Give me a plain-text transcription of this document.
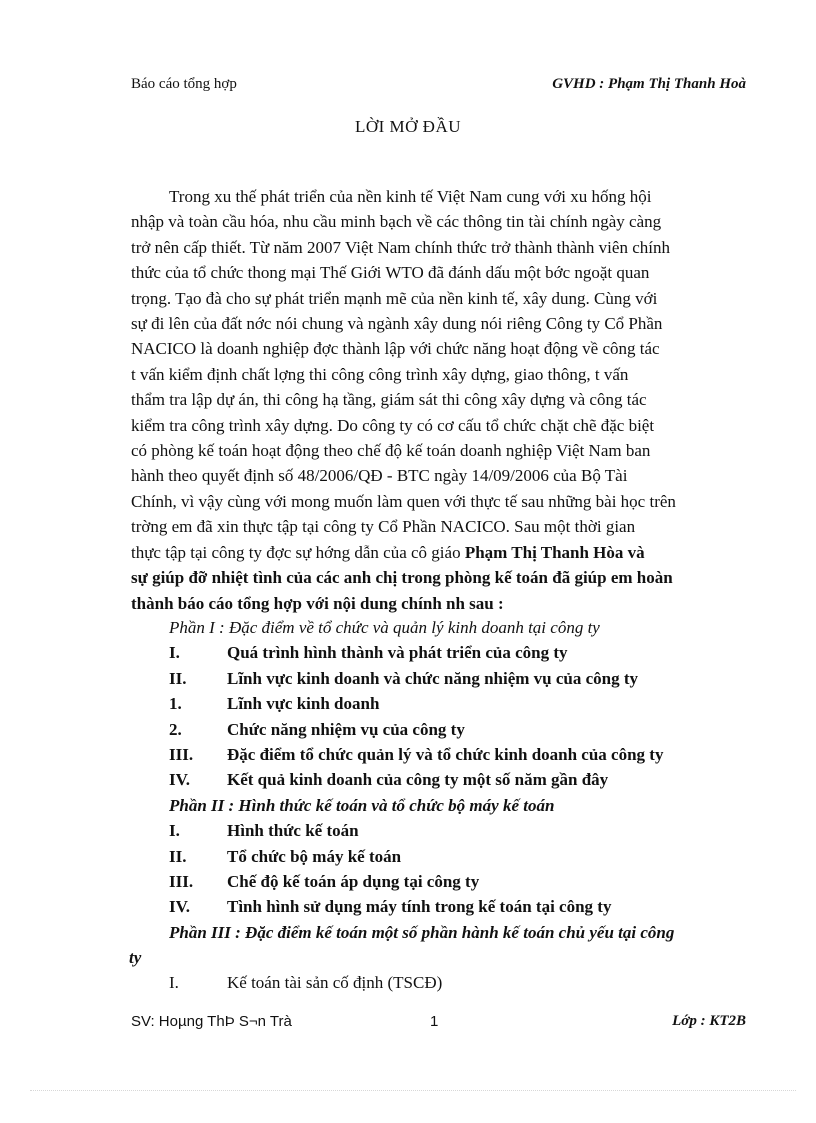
Báo cáo tổng hợp	GVHD : Phạm Thị Thanh Hoà
LỜI MỞ ĐẦU
Trong xu thế phát triển của nền kinh tế Việt Nam cung với xu hống hội
nhập và toàn cầu hóa, nhu cầu minh bạch về các thông tin tài chính ngày càng
trở nên cấp thiết. Từ năm 2007 Việt Nam chính thức trở thành thành viên chính
thức của tổ chức thong mại Thế Giới WTO đã đánh dấu một bớc ngoặt quan
trọng. Tạo đà cho sự phát triển mạnh mẽ của nền kinh tế, xây dung. Cùng với
sự đi lên của đất nớc nói chung và ngành xây dung nói riêng Công ty Cổ Phần
NACICO là doanh nghiệp đợc thành lập với chức năng hoạt động về công tác
t vấn kiểm định chất lợng thi công công trình xây dựng, giao thông, t vấn
thẩm tra lập dự án, thi công hạ tầng, giám sát thi công xây dựng và công tác
kiểm tra công trình xây dựng. Do công ty có cơ cấu tổ chức chặt chẽ đặc biệt
có phòng kế toán hoạt động theo chế độ kế toán doanh nghiệp Việt Nam ban
hành theo quyết định số 48/2006/QĐ - BTC ngày 14/09/2006 của Bộ Tài
Chính, vì vậy cùng với mong muốn làm quen với thực tế sau những bài học trên
trờng em đã xin thực tập tại công ty Cổ Phần NACICO. Sau một thời gian
thực tập tại công ty đợc sự hớng dẫn của cô giáo Phạm Thị Thanh Hòa và
sự giúp đỡ nhiệt tình của các anh chị trong phòng kế toán đã giúp em hoàn
thành báo cáo tổng hợp với nội dung chính nh sau :
Phần I : Đặc điểm về tổ chức và quản lý kinh doanh tại công ty
I.	Quá trình hình thành và phát triển của công ty
II. Lĩnh vực kinh doanh và chức năng nhiệm vụ của công ty
1.	Lĩnh vực kinh doanh
2.	Chức năng nhiệm vụ của công ty
III. Đặc điểm tổ chức quản lý và tổ chức kinh doanh của công ty
IV. Kết quả kinh doanh của công ty một số năm gần đây
Phần II : Hình thức kế toán và tổ chức bộ máy kế toán
I.	Hình thức kế toán
II. Tổ chức bộ máy kế toán
III. Chế độ kế toán áp dụng tại công ty
IV. Tình hình sử dụng máy tính trong kế toán tại công ty
Phần III : Đặc điểm kế toán một số phần hành kế toán chủ yếu tại công
ty
I.	Kế toán tài sản cố định (TSCĐ)
SV: Hoµng ThÞ S¬n Trà	1	Lớp : KT2B
